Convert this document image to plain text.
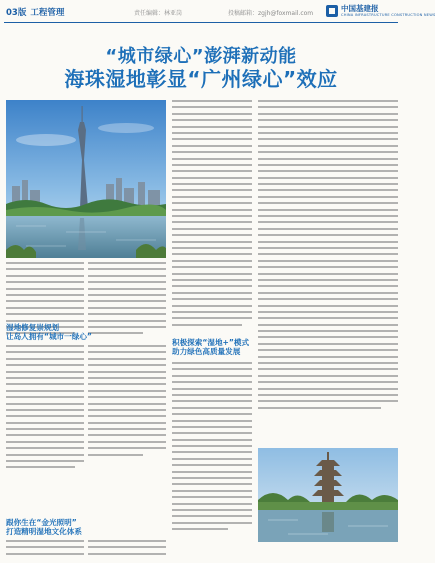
03版 工程管理	责任编辑：林亚岗	投稿邮箱：zgjh@foxmail.com
中国基建报
CHINA INFRASTRUCTURE CONSTRUCTION NEWS
“城市绿心”澎湃新动能
海珠湿地彰显“广州绿心”效应
湿地修复崇规划
让岛人拥有“城市一绿心”
跟你生在“金光照明”
打造精明湿地文化体系
积极探索“湿地+”模式
助力绿色高质量发展
